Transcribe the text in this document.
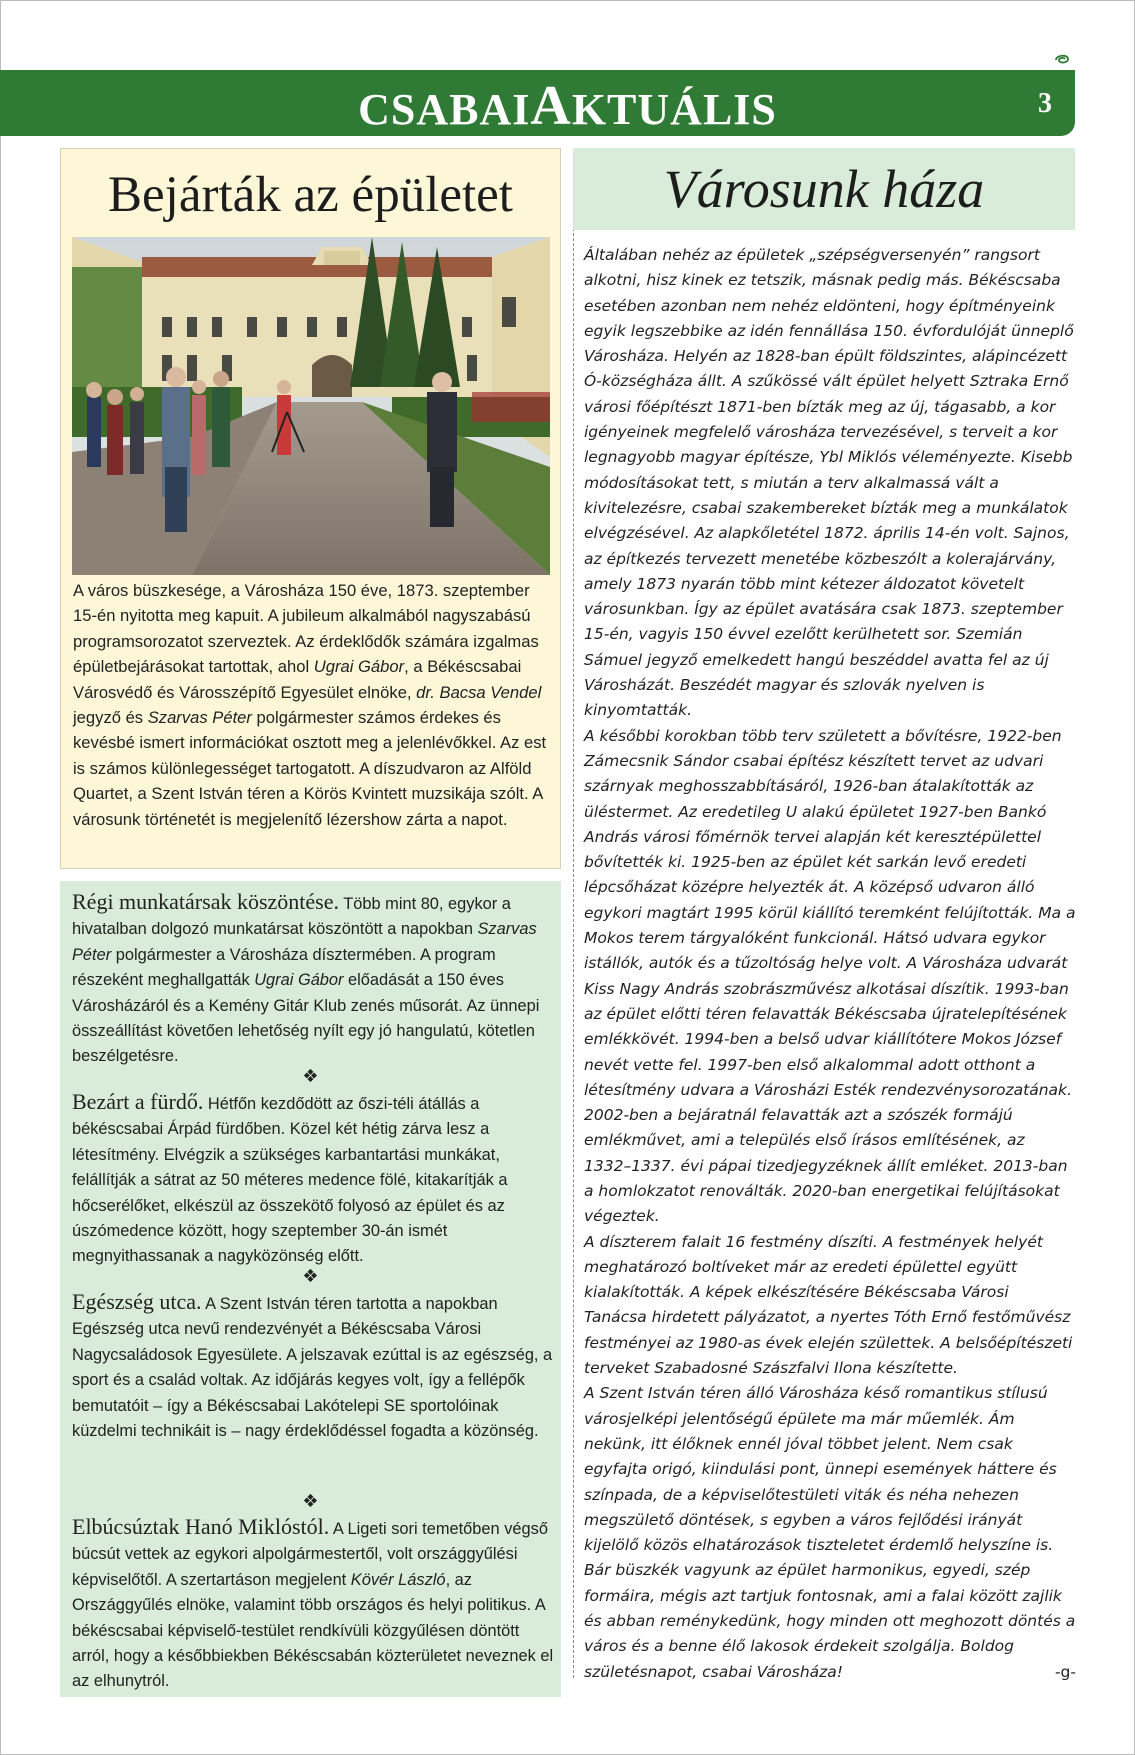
CSABAIAKTUÁLIS	3
Bejárták az épületet
A város büszkesége, a Városháza 150 éve, 1873. szeptember 15-én nyitotta meg kapuit. A jubileum alkalmából nagyszabású programsorozatot szerveztek. Az érdeklődők számára izgalmas épületbejárásokat tartottak, ahol Ugrai Gábor, a Békéscsabai Városvédő és Városszépítő Egyesület elnöke, dr. Bacsa Vendel jegyző és Szarvas Péter polgármester számos érdekes és kevésbé ismert információkat osztott meg a jelenlévőkkel. Az est is számos különlegességet tartogatott. A díszudvaron az Alföld Quartet, a Szent István téren a Körös Kvintett muzsikája szólt. A városunk történetét is megjelenítő lézershow zárta a napot.
Régi munkatársak köszöntése. Több mint 80, egykor a hivatalban dolgozó munkatársat köszöntött a napokban Szarvas Péter polgármester a Városháza dísztermében. A program részeként meghallgatták Ugrai Gábor előadását a 150 éves Városházáról és a Kemény Gitár Klub zenés műsorát. Az ünnepi összeállítást követően lehetőség nyílt egy jó hangulatú, kötetlen beszélgetésre.
❖
Bezárt a fürdő. Hétfőn kezdődött az őszi-téli átállás a békéscsabai Árpád fürdőben. Közel két hétig zárva lesz a létesítmény. Elvégzik a szükséges karbantartási munkákat, felállítják a sátrat az 50 méteres medence fölé, kitakarítják a hőcserélőket, elkészül az összekötő folyosó az épület és az úszómedence között, hogy szeptember 30-án ismét megnyithassanak a nagyközönség előtt.
❖
Egészség utca. A Szent István téren tartotta a napokban Egészség utca nevű rendezvényét a Békéscsaba Városi Nagycsaládosok Egyesülete. A jelszavak ezúttal is az egészség, a sport és a család voltak. Az időjárás kegyes volt, így a fellépők bemutatóit – így a Békéscsabai Lakótelepi SE sportolóinak küzdelmi technikáit is – nagy érdeklődéssel fogadta a közönség.
❖
Elbúcsúztak Hanó Miklóstól. A Ligeti sori temetőben végső búcsút vettek az egykori alpolgármestertől, volt országgyűlési képviselőtől. A szertartáson megjelent Kövér László, az Országgyűlés elnöke, valamint több országos és helyi politikus. A békéscsabai képviselő-testület rendkívüli közgyűlésen döntött arról, hogy a későbbiekben Békéscsabán közterületet neveznek el az elhunytról.
Városunk háza

Általában nehéz az épületek „szépségversenyén” rangsort alkotni, hisz kinek ez tetszik, másnak pedig más. Békéscsaba esetében azonban nem nehéz eldönteni, hogy építményeink egyik legszebbike az idén fennállása 150. évfordulóját ünneplő Városháza. Helyén az 1828-ban épült földszintes, alápincézett Ó-községháza állt. A szűkössé vált épület helyett Sztraka Ernő városi főépítészt 1871-ben bízták meg az új, tágasabb, a kor igényeinek megfelelő városháza tervezésével, s terveit a kor legnagyobb magyar építésze, Ybl Miklós véleményezte. Kisebb módosításokat tett, s miután a terv alkalmassá vált a kivitelezésre, csabai szakembereket bízták meg a munkálatok elvégzésével. Az alapkőletétel 1872. április 14-én volt. Sajnos, az építkezés tervezett menetébe közbeszólt a kolerajárvány, amely 1873 nyarán több mint kétezer áldozatot követelt városunkban. Így az épület avatására csak 1873. szeptember 15-én, vagyis 150 évvel ezelőtt kerülhetett sor. Szemián Sámuel jegyző emelkedett hangú beszéddel avatta fel az új Városházát. Beszédét magyar és szlovák nyelven is kinyomtatták.

A későbbi korokban több terv született a bővítésre, 1922-ben Zámecsnik Sándor csabai építész készített tervet az udvari szárnyak meghosszabbításáról, 1926-ban átalakították az üléstermet. Az eredetileg U alakú épületet 1927-ben Bankó András városi főmérnök tervei alapján két keresztépülettel bővítették ki. 1925-ben az épület két sarkán levő eredeti lépcsőházat középre helyezték át. A középső udvaron álló egykori magtárt 1995 körül kiállító teremként felújították. Ma a Mokos terem tárgyalóként funkcionál. Hátsó udvara egykor istállók, autók és a tűzoltóság helye volt. A Városháza udvarát Kiss Nagy András szobrászművész alkotásai díszítik. 1993-ban az épület előtti téren felavatták Békéscsaba újratelepítésének emlékkövét. 1994-ben a belső udvar kiállítótere Mokos József nevét vette fel. 1997-ben első alkalommal adott otthont a létesítmény udvara a Városházi Esték rendezvénysorozatának. 2002-ben a bejáratnál felavatták azt a szószék formájú emlékművet, ami a település első írásos említésének, az 1332–1337. évi pápai tizedjegyzéknek állít emléket. 2013-ban a homlokzatot renoválták. 2020-ban energetikai felújításokat végeztek.

A díszterem falait 16 festmény díszíti. A festmények helyét meghatározó boltíveket már az eredeti épülettel együtt kialakították. A képek elkészítésére Békéscsaba Városi Tanácsa hirdetett pályázatot, a nyertes Tóth Ernő festőművész festményei az 1980-as évek elején születtek. A belsőépítészeti terveket Szabadosné Szászfalvi Ilona készítette.

A Szent István téren álló Városháza késő romantikus stílusú városjelképi jelentőségű épülete ma már műemlék. Ám nekünk, itt élőknek ennél jóval többet jelent. Nem csak egyfajta origó, kiindulási pont, ünnepi események háttere és színpada, de a képviselőtestületi viták és néha nehezen megszülető döntések, s egyben a város fejlődési irányát kijelölő közös elhatározások tiszteletet érdemlő helyszíne is. Bár büszkék vagyunk az épület harmonikus, egyedi, szép formáira, mégis azt tartjuk fontosnak, ami a falai között zajlik és abban reménykedünk, hogy minden ott meghozott döntés a város és a benne élő lakosok érdekeit szolgálja. Boldog születésnapot, csabai Városháza!	-g-
